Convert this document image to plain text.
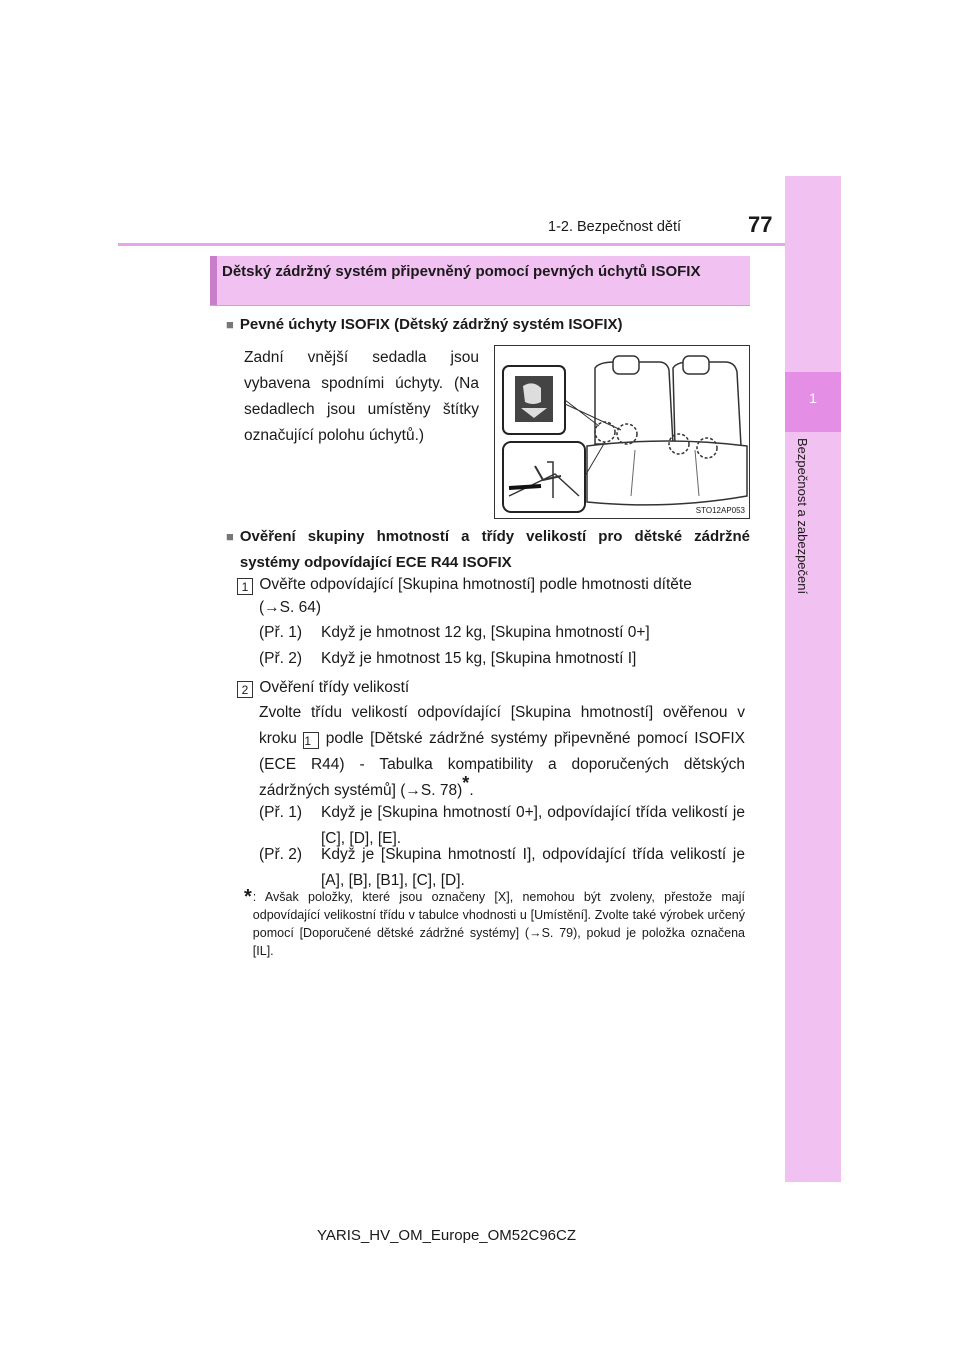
1-2. Bezpečnost dětí	77
1
Bezpečnost a zabezpečení
Dětský zádržný systém připevněný pomocí pevných úchytů ISOFIX
■ Pevné úchyty ISOFIX (Dětský zádržný systém ISOFIX)
Zadní vnější sedadla jsou vybavena spodními úchyty. (Na sedadlech jsou umístěny štítky označující polohu úchytů.)
STO12AP053
■ Ověření skupiny hmotností a třídy velikostí pro dětské zádržné systémy odpovídající ECE R44 ISOFIX
1 Ověřte odpovídající [Skupina hmotností] podle hmotnosti dítěte
(→S. 64)
(Př. 1)	Když je hmotnost 12 kg, [Skupina hmotností 0+]
(Př. 2)	Když je hmotnost 15 kg, [Skupina hmotností I]
2 Ověření třídy velikostí
Zvolte třídu velikostí odpovídající [Skupina hmotností] ověřenou v kroku 1 podle [Dětské zádržné systémy připevněné pomocí ISOFIX (ECE R44) - Tabulka kompatibility a doporučených dětských zádržných systémů] (→S. 78)*.
(Př. 1)	Když je [Skupina hmotností 0+], odpovídající třída velikostí je [C], [D], [E].
(Př. 2)	Když je [Skupina hmotností I], odpovídající třída velikostí je [A], [B], [B1], [C], [D].
* : Avšak položky, které jsou označeny [X], nemohou být zvoleny, přestože mají odpovídající velikostní třídu v tabulce vhodnosti u [Umístění]. Zvolte také výrobek určený pomocí [Doporučené dětské zádržné systémy] (→S. 79), pokud je položka označena [IL].
YARIS_HV_OM_Europe_OM52C96CZ
